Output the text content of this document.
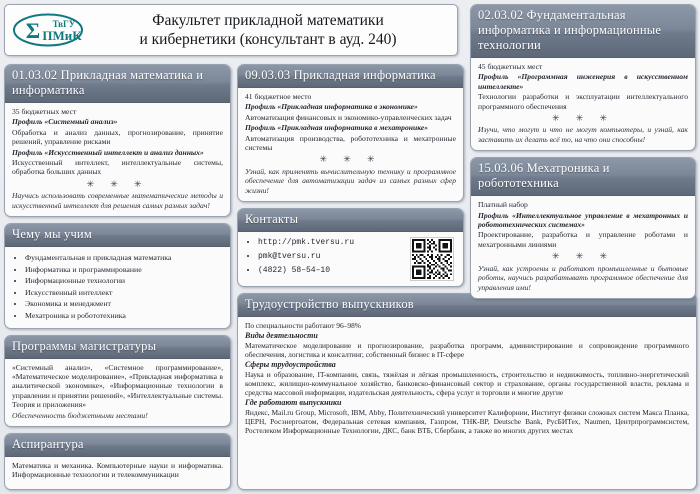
Σ ТвГУ
ПМиК
Факультет прикладной математики
и кибернетики (консультант в ауд. 240)
01.03.02 Прикладная математика и информатика

35 бюджетных мест

Профиль «Системный анализ»

Обработка и анализ данных, прогнозирование, принятие решений, управление рисками

Профиль «Искусственный интеллект и анализ данных»

Искусственный интеллект, интеллектуальные системы, обработка больших данных

✳ ✳ ✳

Научись использовать современные математические методы и искусственный интеллект для решения самых разных задач!

Чему мы учим
• Фундаментальная и прикладная математика
• Информатика и программирование
• Информационные технологии
• Искусственный интеллект
• Экономика и менеджмент
• Мехатроника и робототехника
Программы магистратуры

«Системный анализ», «Системное программирование», «Математическое моделирование», «Прикладная информатика в аналитической экономике», «Информационные технологии в управлении и принятии решений», «Интеллектуальные системы. Теория и приложения»

Обеспеченность бюджетными местами!

Аспирантура

Математика и механика. Компьютерные науки и информатика. Информационные технологии и телекоммуникации

09.03.03 Прикладная информатика

41 бюджетное место

Профиль «Прикладная информатика в экономике»

Автоматизация финансовых и экономико-управленческих задач

Профиль «Прикладная информатика в мехатронике»

Автоматизация производства, робототехника и мехатронные системы

✳ ✳ ✳

Узнай, как применять вычислительную технику и программное обеспечение для автоматизации задач из самых разных сфер жизни!

Контакты
• http://pmk.tversu.ru
• pmk@tversu.ru
• (4822) 58–54–10
Трудоустройство выпускников

По специальности работают 96–98%

Виды деятельности

Математическое моделирование и прогнозирование, разработка программ, администрирование и сопровождение программного обеспечения, логистика и консалтинг, собственный бизнес в IT-сфере

Сферы трудоустройства

Наука и образование, IT-компании, связь, тяжёлая и лёгкая промышленность, строительство и недвижимость, топливно-энергетический комплекс, жилищно-коммунальное хозяйство, банковско-финансовый сектор и страхование, органы государственной власти, реклама и средства массовой информации, издательская деятельность, сфера услуг и торговли и многие другие

Где работают выпускники

Яндекс, Mail.ru Group, Microsoft, IBM, Abby, Политехнический университет Калифорнии, Институт физики сложных систем Макса Планка, ЦЕРН, Росэнергоатом, Федеральная сетевая компания, Газпром, ТНК-ВР, Deutsche Bank, РусБИТех, Naumen, Центрпрограммсистем, Ростелеком Информационные Технологии, ДКС, банк ВТБ, Сбербанк, а также во многих других местах

02.03.02 Фундаментальная информатика и информационные технологии

45 бюджетных мест

Профиль «Программная инженерия в искусственном интеллекте»

Технологии разработки и эксплуатации интеллектуального программного обеспечения

✳ ✳ ✳

Изучи, что могут и что не могут компьютеры, и узнай, как заставить их делать всё то, на что они способны!

15.03.06 Мехатроника и робототехника

Платный набор

Профиль «Интеллектуальное управление в мехатронных и робототехнических системах»

Проектирование, разработка и управление роботами и мехатронными линиями

✳ ✳ ✳

Узнай, как устроены и работают промышленные и бытовые роботы, научись разрабатывать программное обеспечение для управления ими!
